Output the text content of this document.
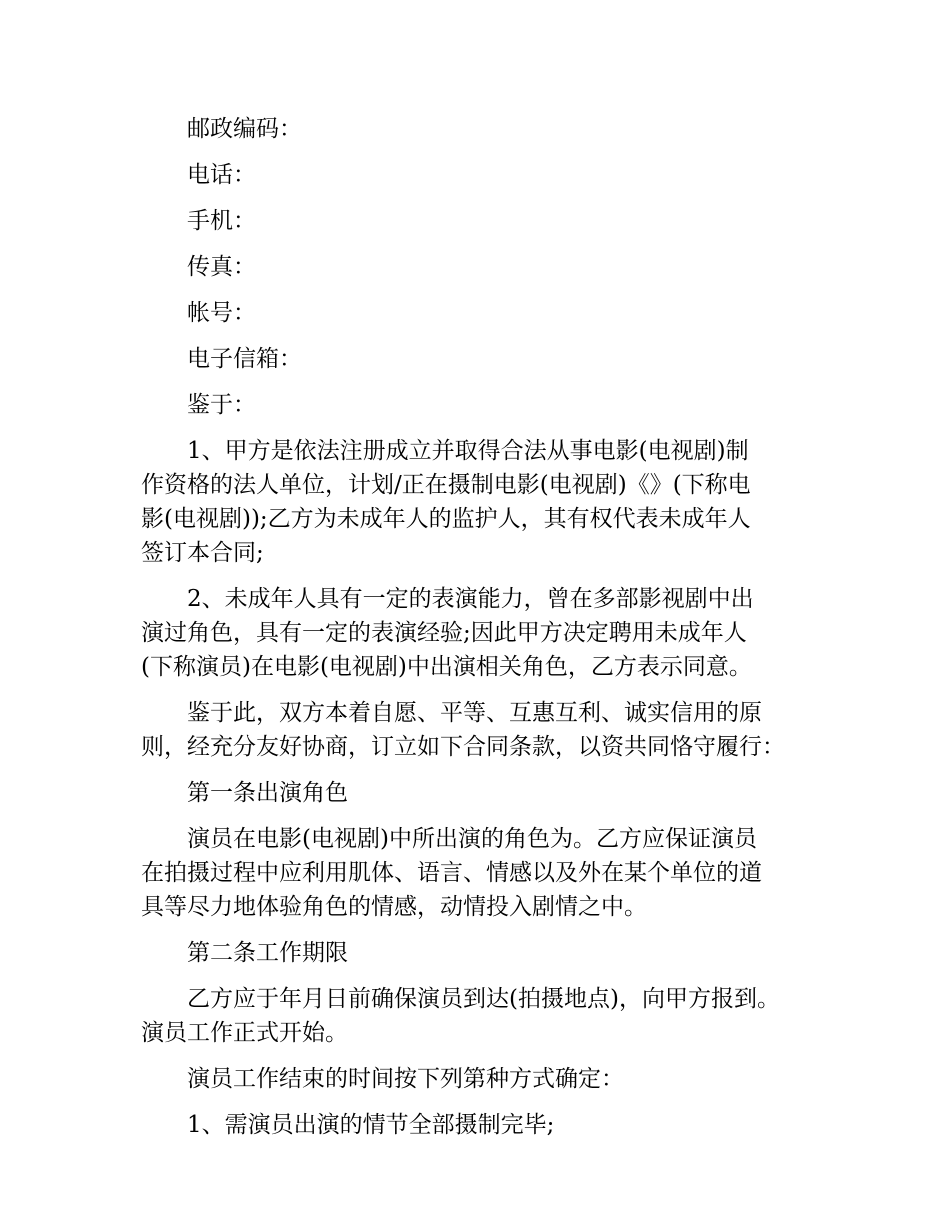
邮政编码：

电话：

手机：

传真：

帐号：

电子信箱：

鉴于：

1、甲方是依法注册成立并取得合法从事电影(电视剧)制
作资格的法人单位，计划/正在摄制电影(电视剧)《》(下称电
影(电视剧));乙方为未成年人的监护人，其有权代表未成年人
签订本合同;

2、未成年人具有一定的表演能力，曾在多部影视剧中出
演过角色，具有一定的表演经验;因此甲方决定聘用未成年人
(下称演员)在电影(电视剧)中出演相关角色，乙方表示同意。

鉴于此，双方本着自愿、平等、互惠互利、诚实信用的原
则，经充分友好协商，订立如下合同条款，以资共同恪守履行：

第一条出演角色

演员在电影(电视剧)中所出演的角色为。乙方应保证演员
在拍摄过程中应利用肌体、语言、情感以及外在某个单位的道
具等尽力地体验角色的情感，动情投入剧情之中。

第二条工作期限

乙方应于年月日前确保演员到达(拍摄地点)，向甲方报到。
演员工作正式开始。

演员工作结束的时间按下列第种方式确定：

1、需演员出演的情节全部摄制完毕;
